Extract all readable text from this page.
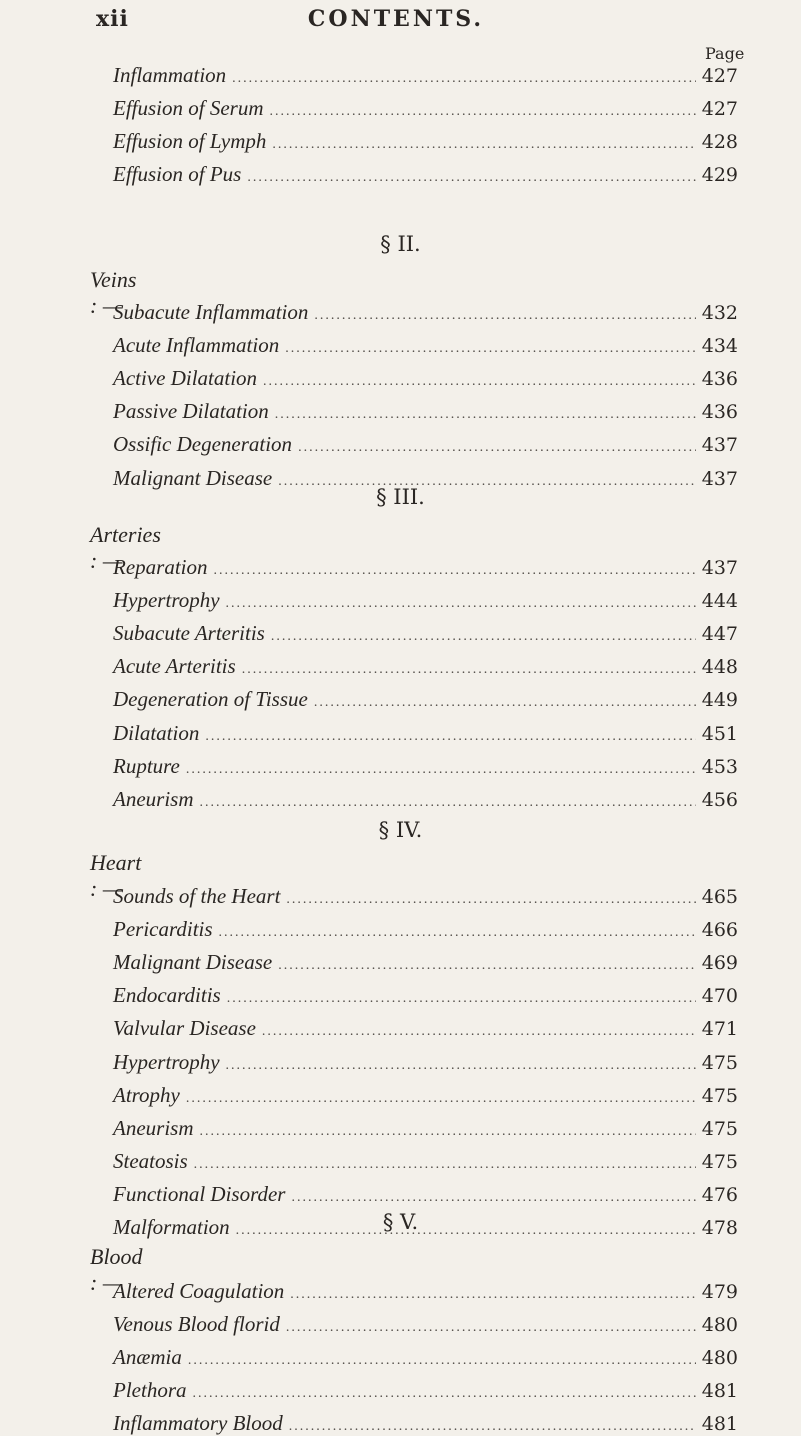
xii	CONTENTS.
Page
Inflammation .....	427
Effusion of Serum .....	427
Effusion of Lymph .....	428
Effusion of Pus .....	429
§ II.
Veins : —
Subacute Inflammation .....	432
Acute Inflammation .....	434
Active Dilatation .....	436
Passive Dilatation .....	436
Ossific Degeneration .....	437
Malignant Disease .....	437
§ III.
Arteries : —
Reparation .....	437
Hypertrophy .....	444
Subacute Arteritis .....	447
Acute Arteritis .....	448
Degeneration of Tissue .....	449
Dilatation .....	451
Rupture .....	453
Aneurism .....	456
§ IV.
Heart : —
Sounds of the Heart .....	465
Pericarditis .....	466
Malignant Disease .....	469
Endocarditis .....	470
Valvular Disease .....	471
Hypertrophy .....	475
Atrophy .....	475
Aneurism .....	475
Steatosis .....	475
Functional Disorder .....	476
Malformation .....	478
§ V.
Blood : —
Altered Coagulation .....	479
Venous Blood florid .....	480
Anæmia .....	480
Plethora .....	481
Inflammatory Blood .....	481
